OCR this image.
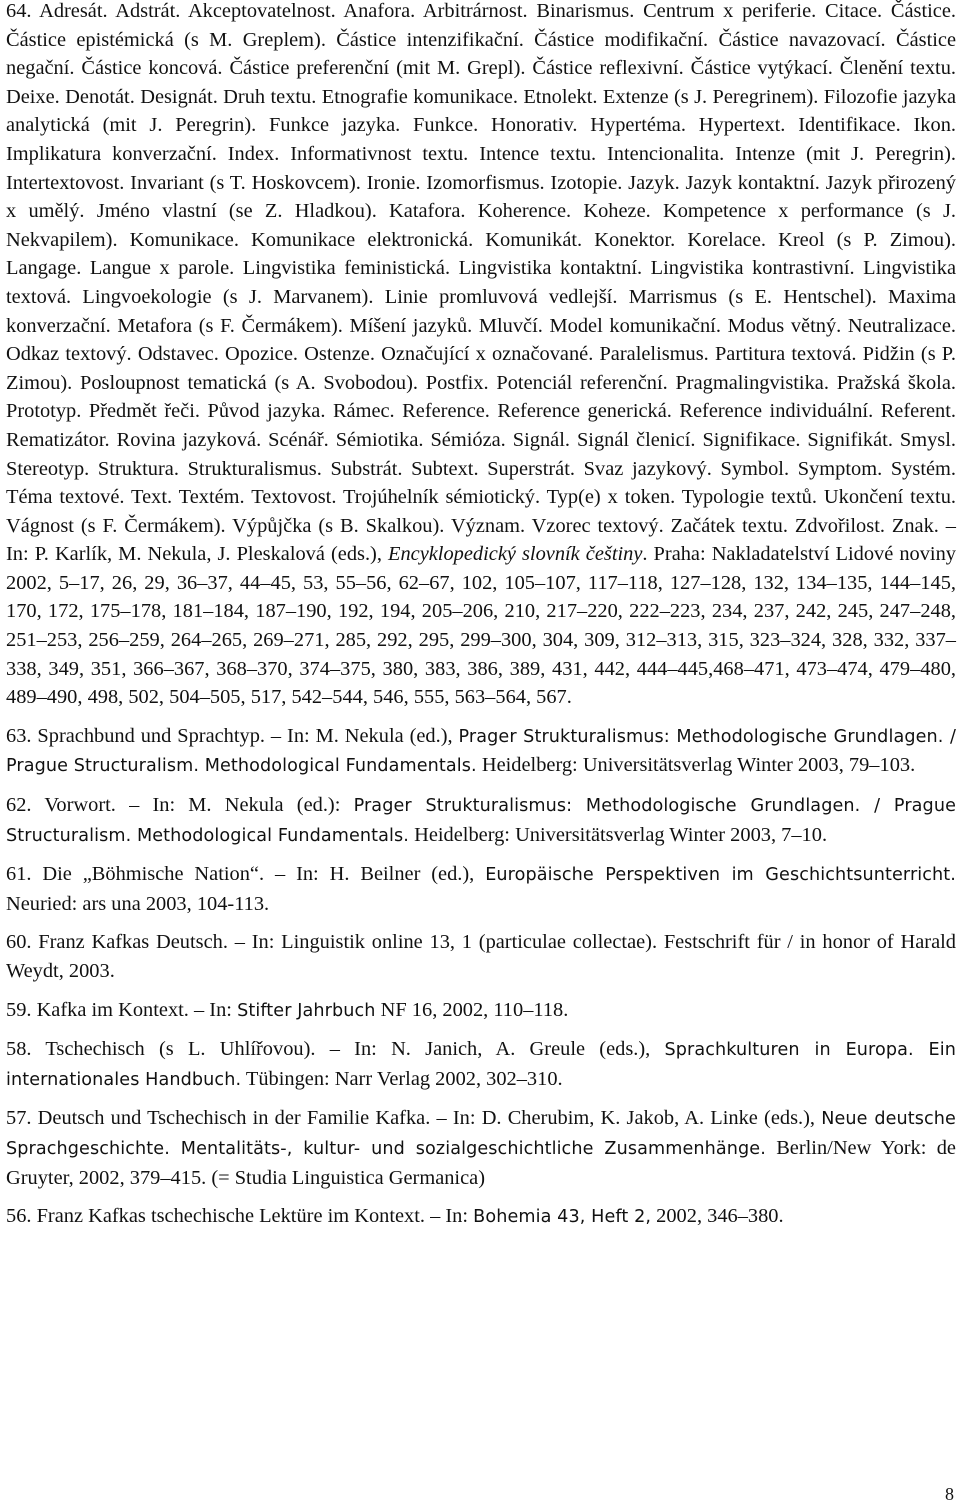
64. Adresát. Adstrát. Akceptovatelnost. Anafora. Arbitrárnost. Binarismus. Centrum x periferie. Citace. Částice. Částice epistémická (s M. Greplem). Částice intenzifikační. Částice modifikační. Částice navazovací. Částice negační. Částice koncová. Částice preferenční (mit M. Grepl). Částice reflexivní. Částice vytýkací. Členění textu. Deixe. Denotát. Designát. Druh textu. Etnografie komunikace. Etnolekt. Extenze (s J. Peregrinem). Filozofie jazyka analytická (mit J. Peregrin). Funkce jazyka. Funkce. Honorativ. Hypertéma. Hypertext. Identifikace. Ikon. Implikatura konverzační. Index. Informativnost textu. Intence textu. Intencionalita. Intenze (mit J. Peregrin). Intertextovost. Invariant (s T. Hoskovcem). Ironie. Izomorfismus. Izotopie. Jazyk. Jazyk kontaktní. Jazyk přirozený x umělý. Jméno vlastní (se Z. Hladkou). Katafora. Koherence. Koheze. Kompetence x performance (s J. Nekvapilem). Komunikace. Komunikace elektronická. Komunikát. Konektor. Korelace. Kreol (s P. Zimou). Langage. Langue x parole. Lingvistika feministická. Lingvistika kontaktní. Lingvistika kontrastivní. Lingvistika textová. Lingvoekologie (s J. Marvanem). Linie promluvová vedlejší. Marrismus (s E. Hentschel). Maxima konverzační. Metafora (s F. Čermákem). Míšení jazyků. Mluvčí. Model komunikační. Modus větný. Neutralizace. Odkaz textový. Odstavec. Opozice. Ostenze. Označující x označované. Paralelismus. Partitura textová. Pidžin (s P. Zimou). Posloupnost tematická (s A. Svobodou). Postfix. Potenciál referenční. Pragmalingvistika. Pražská škola. Prototyp. Předmět řeči. Původ jazyka. Rámec. Reference. Reference generická. Reference individuální. Referent. Rematizátor. Rovina jazyková. Scénář. Sémiotika. Sémióza. Signál. Signál členicí. Signifikace. Signifikát. Smysl. Stereotyp. Struktura. Strukturalismus. Substrát. Subtext. Superstrát. Svaz jazykový. Symbol. Symptom. Systém. Téma textové. Text. Textém. Textovost. Trojúhelník sémiotický. Typ(e) x token. Typologie textů. Ukončení textu. Vágnost (s F. Čermákem). Výpůjčka (s B. Skalkou). Význam. Vzorec textový. Začátek textu. Zdvořilost. Znak. – In: P. Karlík, M. Nekula, J. Pleskalová (eds.), Encyklopedický slovník češtiny. Praha: Nakladatelství Lidové noviny 2002, 5–17, 26, 29, 36–37, 44–45, 53, 55–56, 62–67, 102, 105–107, 117–118, 127–128, 132, 134–135, 144–145, 170, 172, 175–178, 181–184, 187–190, 192, 194, 205–206, 210, 217–220, 222–223, 234, 237, 242, 245, 247–248, 251–253, 256–259, 264–265, 269–271, 285, 292, 295, 299–300, 304, 309, 312–313, 315, 323–324, 328, 332, 337–338, 349, 351, 366–367, 368–370, 374–375, 380, 383, 386, 389, 431, 442, 444–445,468–471, 473–474, 479–480, 489–490, 498, 502, 504–505, 517, 542–544, 546, 555, 563–564, 567.

63. Sprachbund und Sprachtyp. – In: M. Nekula (ed.), Prager Strukturalismus: Methodologische Grundlagen. / Prague Structuralism. Methodological Fundamentals. Heidelberg: Universitätsverlag Winter 2003, 79–103.

62. Vorwort. – In: M. Nekula (ed.): Prager Strukturalismus: Methodologische Grundlagen. / Prague Structuralism. Methodological Fundamentals. Heidelberg: Universitätsverlag Winter 2003, 7–10.

61. Die „Böhmische Nation“. – In: H. Beilner (ed.), Europäische Perspektiven im Geschichtsunterricht. Neuried: ars una 2003, 104-113.

60. Franz Kafkas Deutsch. – In: Linguistik online 13, 1 (particulae collectae). Festschrift für / in honor of Harald Weydt, 2003.

59. Kafka im Kontext. – In: Stifter Jahrbuch NF 16, 2002, 110–118.

58. Tschechisch (s L. Uhlířovou). – In: N. Janich, A. Greule (eds.), Sprachkulturen in Europa. Ein internationales Handbuch. Tübingen: Narr Verlag 2002, 302–310.

57. Deutsch und Tschechisch in der Familie Kafka. – In: D. Cherubim, K. Jakob, A. Linke (eds.), Neue deutsche Sprachgeschichte. Mentalitäts-, kultur- und sozialgeschichtliche Zusammenhänge. Berlin/New York: de Gruyter, 2002, 379–415. (= Studia Linguistica Germanica)

56. Franz Kafkas tschechische Lektüre im Kontext. – In: Bohemia 43, Heft 2, 2002, 346–380.

8
